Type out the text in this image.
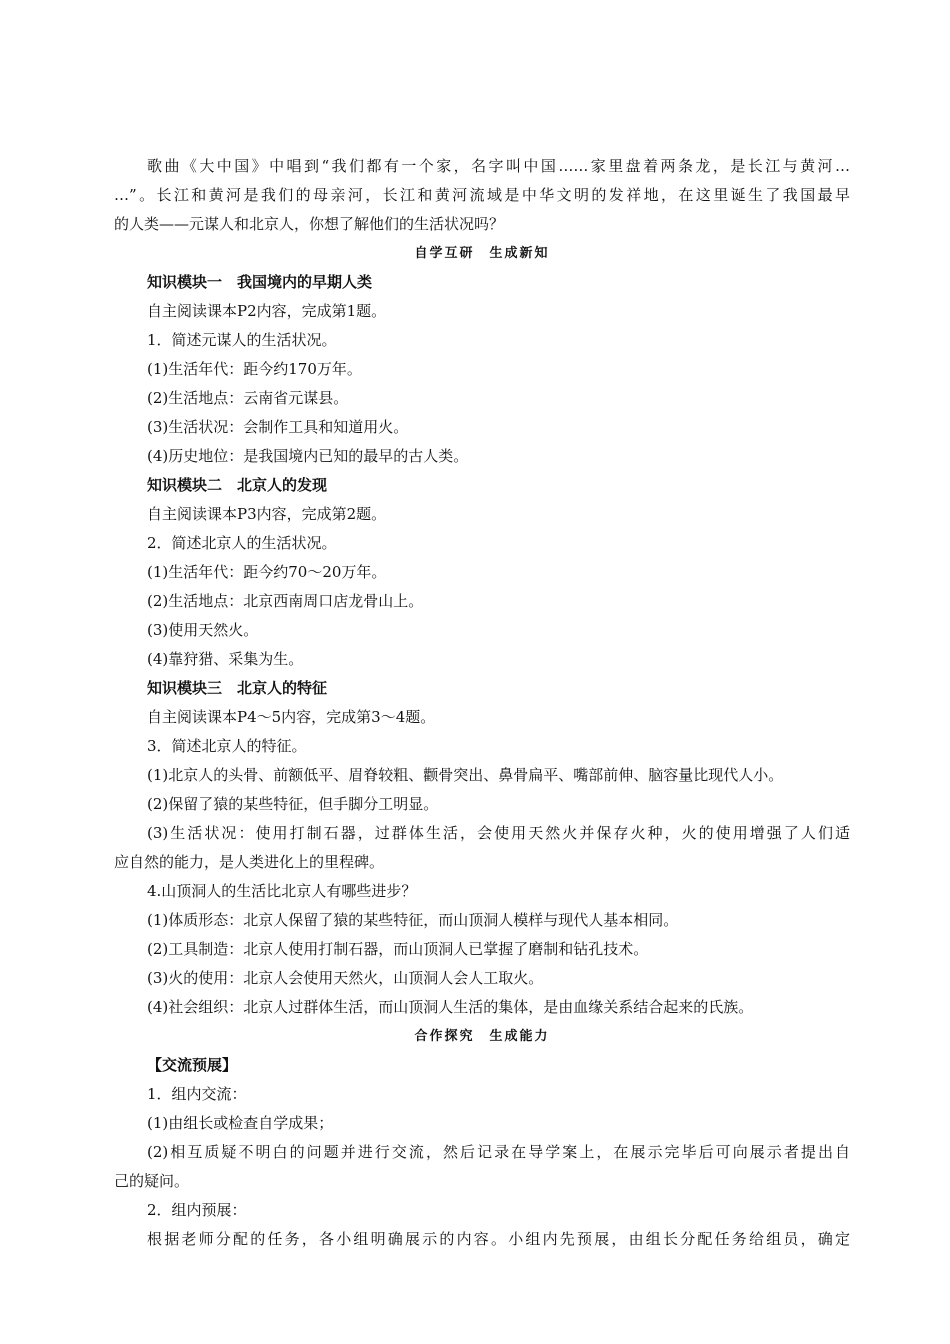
歌曲《大中国》中唱到“我们都有一个家，名字叫中国……家里盘着两条龙，是长江与黄河…
…”。长江和黄河是我们的母亲河，长江和黄河流域是中华文明的发祥地，在这里诞生了我国最早
的人类——元谋人和北京人，你想了解他们的生活状况吗？
自学互研　生成新知
知识模块一　我国境内的早期人类
自主阅读课本P2内容，完成第1题。
1．简述元谋人的生活状况。
(1)生活年代：距今约170万年。
(2)生活地点：云南省元谋县。
(3)生活状况：会制作工具和知道用火。
(4)历史地位：是我国境内已知的最早的古人类。
知识模块二　北京人的发现
自主阅读课本P3内容，完成第2题。
2．简述北京人的生活状况。
(1)生活年代：距今约70～20万年。
(2)生活地点：北京西南周口店龙骨山上。
(3)使用天然火。
(4)靠狩猎、采集为生。
知识模块三　北京人的特征
自主阅读课本P4～5内容，完成第3～4题。
3．简述北京人的特征。
(1)北京人的头骨、前额低平、眉脊较粗、颧骨突出、鼻骨扁平、嘴部前伸、脑容量比现代人小。
(2)保留了猿的某些特征，但手脚分工明显。
(3)生活状况：使用打制石器，过群体生活，会使用天然火并保存火种，火的使用增强了人们适
应自然的能力，是人类进化上的里程碑。
4.山顶洞人的生活比北京人有哪些进步？
(1)体质形态：北京人保留了猿的某些特征，而山顶洞人模样与现代人基本相同。
(2)工具制造：北京人使用打制石器，而山顶洞人已掌握了磨制和钻孔技术。
(3)火的使用：北京人会使用天然火，山顶洞人会人工取火。
(4)社会组织：北京人过群体生活，而山顶洞人生活的集体，是由血缘关系结合起来的氏族。
合作探究　生成能力
【交流预展】
1．组内交流：
(1)由组长或检查自学成果；
(2)相互质疑不明白的问题并进行交流，然后记录在导学案上，在展示完毕后可向展示者提出自
己的疑问。
2．组内预展：
根据老师分配的任务，各小组明确展示的内容。小组内先预展，由组长分配任务给组员，确定
